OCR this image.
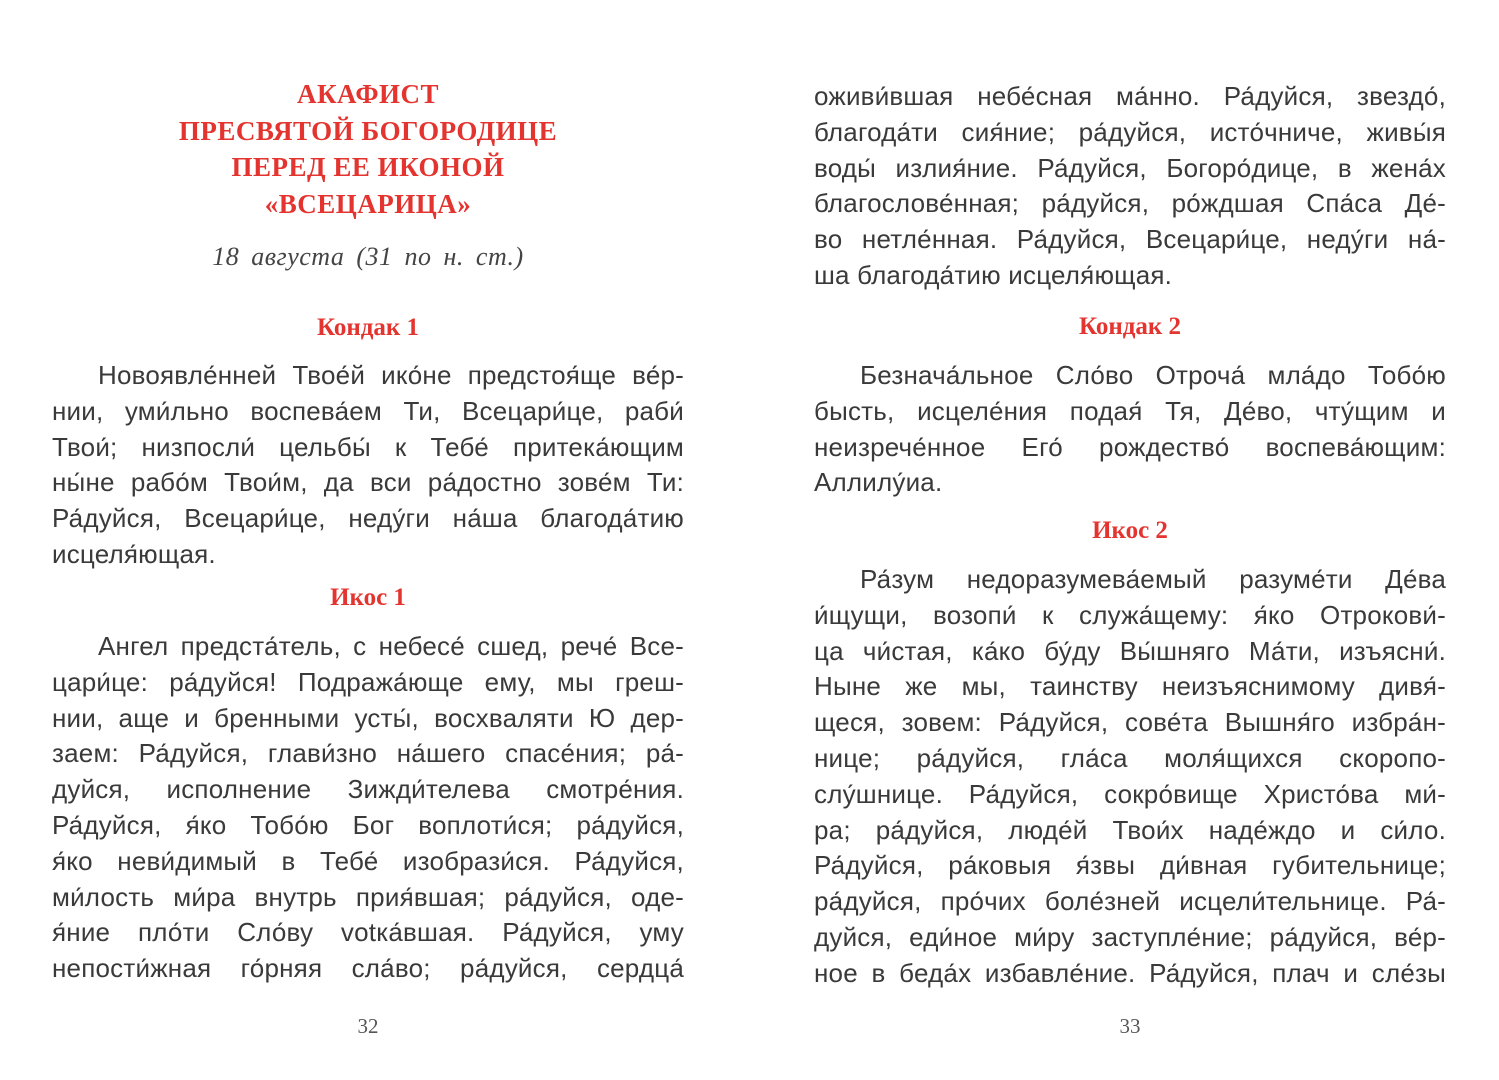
АКАФИСТ
ПРЕСВЯТОЙ БОГОРОДИЦЕ
ПЕРЕД ЕЕ ИКОНОЙ
«ВСЕЦАРИЦА»
18 августа (31 по н. ст.)
Кондак 1
Новоявле́нней Твое́й ико́не предстоя́ще ве́р-
нии, уми́льно воспева́ем Ти, Всецари́це, раби́
Твои́; низпосли́ цельбы́ к Тебе́ притека́ющим
ны́не рабо́м Твои́м, да вси ра́достно зове́м Ти:
Ра́дуйся, Всецари́це, неду́ги на́ша благода́тию
исцеля́ющая.
Икос 1
Ангел предста́тель, с небесе́ сшед, рече́ Все-
цари́це: ра́дуйся! Подража́юще ему, мы греш-
нии, аще и бренными усты́, восхваляти Ю дер-
заем: Ра́дуйся, глави́зно на́шего спасе́ния; ра́-
дуйся, исполнение Зижди́телева смотре́ния.
Ра́дуйся, я́ко Тобо́ю Бог воплоти́ся; ра́дуйся,
я́ко неви́димый в Тебе́ изобрази́ся. Ра́дуйся,
ми́лость ми́ра внутрь прия́вшая; ра́дуйся, оде-
я́ние пло́ти Сло́ву votка́вшая. Ра́дуйся, уму
непости́жная го́рняя сла́во; ра́дуйся, сердца́
32
оживи́вшая небе́сная ма́нно. Ра́дуйся, звездо́,
благода́ти сия́ние; ра́дуйся, исто́чниче, живы́я
воды́ излия́ние. Ра́дуйся, Богоро́дице, в жена́х
благослове́нная; ра́дуйся, ро́ждшая Спа́са Де́-
во нетле́нная. Ра́дуйся, Всецари́це, неду́ги на́-
ша благода́тию исцеля́ющая.
Кондак 2
Безнача́льное Сло́во Отроча́ мла́до Тобо́ю
бысть, исцеле́ния подая́ Тя, Де́во, чту́щим и
неизрече́нное Его́ рождество́ воспева́ющим:
Аллилу́иа.
Икос 2
Ра́зум недоразумева́емый разуме́ти Де́ва
и́щущи, возопи́ к служа́щему: я́ко Отрокови́-
ца чи́стая, ка́ко бу́ду Вы́шняго Ма́ти, изъясни́.
Ныне же мы, таинству неизъяснимому дивя́-
щеся, зовем: Ра́дуйся, сове́та Вышня́го избра́н-
нице; ра́дуйся, гла́са моля́щихся скоропо-
слу́шнице. Ра́дуйся, сокро́вище Христо́ва ми́-
ра; ра́дуйся, люде́й Твои́х наде́ждо и си́ло.
Ра́дуйся, ра́ковыя я́звы ди́вная губительнице;
ра́дуйся, про́чих боле́зней исцели́тельнице. Ра́-
дуйся, еди́ное ми́ру заступле́ние; ра́дуйся, ве́р-
ное в беда́х избавле́ние. Ра́дуйся, плач и сле́зы
33
